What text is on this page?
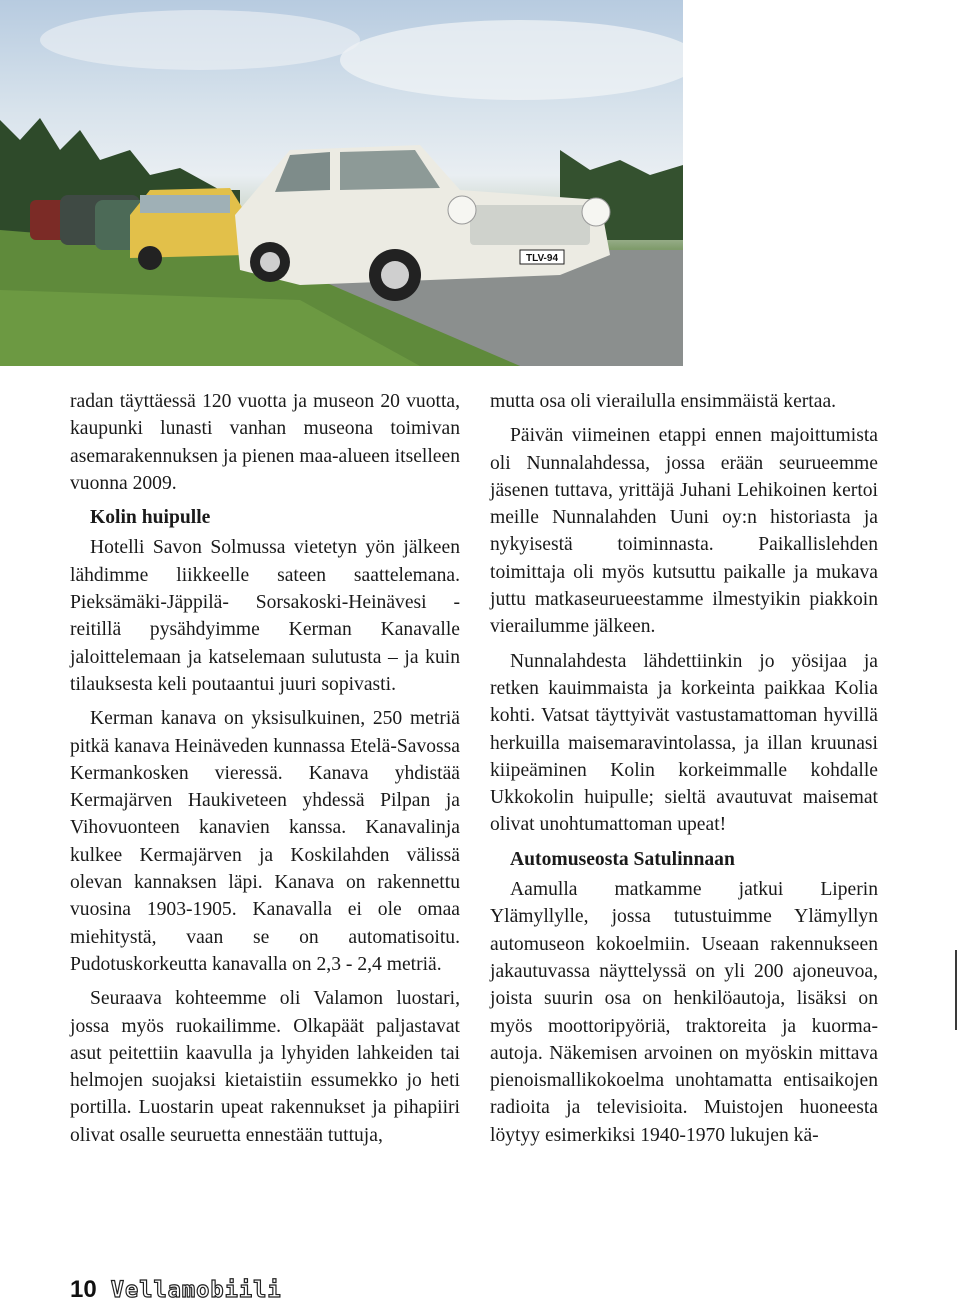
TLV-94

radan täyttäessä 120 vuotta ja museon 20 vuotta, kaupunki lunasti vanhan museona toimivan asemarakennuksen ja pienen maa-alueen itselleen vuonna 2009.

Kolin huipulle

Hotelli Savon Solmussa vietetyn yön jälkeen lähdimme liikkeelle sateen saattelemana. Pieksämäki-Jäppilä- Sorsakoski-Heinävesi -reitillä pysähdyimme Kerman Kanavalle jaloittelemaan ja katselemaan sulutusta – ja kuin tilauksesta keli poutaantui juuri sopivasti.

Kerman kanava on yksisulkuinen, 250 metriä pitkä kanava Heinäveden kunnassa Etelä-Savossa Kermankosken vieressä. Kanava yhdistää Kermajärven Haukiveteen yhdessä Pilpan ja Vihovuonteen kanavien kanssa. Kanavalinja kulkee Kermajärven ja Koskilahden välissä olevan kannaksen läpi. Kanava on rakennettu vuosina 1903-1905. Kanavalla ei ole omaa miehitystä, vaan se on automatisoitu. Pudotuskorkeutta kanavalla on 2,3 - 2,4 metriä.

Seuraava kohteemme oli Valamon luostari, jossa myös ruokailimme. Olkapäät paljastavat asut peitettiin kaavulla ja lyhyiden lahkeiden tai helmojen suojaksi kietaistiin essumekko jo heti portilla. Luostarin upeat rakennukset ja pihapiiri olivat osalle seuruetta ennestään tuttuja,

mutta osa oli vierailulla ensimmäistä kertaa.

Päivän viimeinen etappi ennen majoittumista oli Nunnalahdessa, jossa erään seurueemme jäsenen tuttava, yrittäjä Juhani Lehikoinen kertoi meille Nunnalahden Uuni oy:n historiasta ja nykyisestä toiminnasta. Paikallislehden toimittaja oli myös kutsuttu paikalle ja mukava juttu matkaseurueestamme ilmestyikin piakkoin vierailumme jälkeen.

Nunnalahdesta lähdettiinkin jo yösijaa ja retken kauimmaista ja korkeinta paikkaa Kolia kohti. Vatsat täyttyivät vastustamattoman hyvillä herkuilla maisemaravintolassa, ja illan kruunasi kiipeäminen Kolin korkeimmalle kohdalle Ukkokolin huipulle; sieltä avautuvat maisemat olivat unohtumattoman upeat!

Automuseosta Satulinnaan

Aamulla matkamme jatkui Liperin Ylämyllylle, jossa tutustuimme Ylämyllyn automuseon kokoelmiin. Useaan rakennukseen jakautuvassa näyttelyssä on yli 200 ajoneuvoa, joista suurin osa on henkilöautoja, lisäksi on myös moottoripyöriä, traktoreita ja kuorma-autoja. Näkemisen arvoinen on myöskin mittava pienoismallikokoelma unohtamatta entisaikojen radioita ja televisioita. Muistojen huoneesta löytyy esimerkiksi 1940-1970 lukujen kä-

10 Vellamobiili
